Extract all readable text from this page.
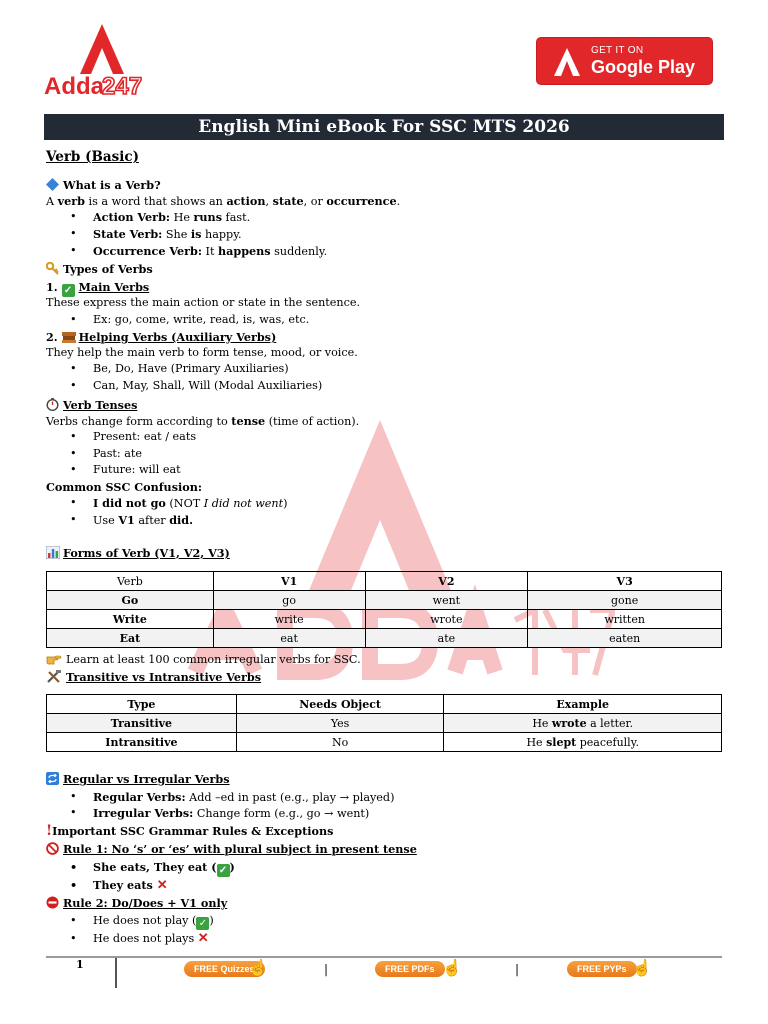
Adda
247
GET IT ON
Google Play
English Mini eBook For SSC MTS 2026
Verb (Basic)
What is a Verb?
A verb is a word that shows an action, state, or occurrence.
• Action Verb: He runs fast.
• State Verb: She is happy.
• Occurrence Verb: It happens suddenly.
Types of Verbs
1. ✓ Main Verbs
These express the main action or state in the sentence.
• Ex: go, come, write, read, is, was, etc.
2. Helping Verbs (Auxiliary Verbs)
They help the main verb to form tense, mood, or voice.
• Be, Do, Have (Primary Auxiliaries)
• Can, May, Shall, Will (Modal Auxiliaries)
Verb Tenses
Verbs change form according to tense (time of action).
• Present: eat / eats
• Past: ate
• Future: will eat
Common SSC Confusion:
• I did not go (NOT I did not went)
• Use V1 after did.
Forms of Verb (V1, V2, V3)
Verb	V1	V2	V3
Go	go	went	gone
Write	write	wrote	written
Eat	eat	ate	eaten
Learn at least 100 common irregular verbs for SSC.
Transitive vs Intransitive Verbs
Type	Needs Object	Example
Transitive	Yes	He wrote a letter.
Intransitive	No	He slept peacefully.
Regular vs Irregular Verbs
• Regular Verbs: Add –ed in past (e.g., play → played)
• Irregular Verbs: Change form (e.g., go → went)
!Important SSC Grammar Rules & Exceptions
Rule 1: No ‘s’ or ‘es’ with plural subject in present tense
• She eats, They eat ( ✓ )
• They eats ✕
Rule 2: Do/Does + V1 only
• He does not play ( ✓ )
• He does not plays ✕
1	FREE Quizzes
☝	|	FREE PDFs ☝	|	FREE PYPs ☝
